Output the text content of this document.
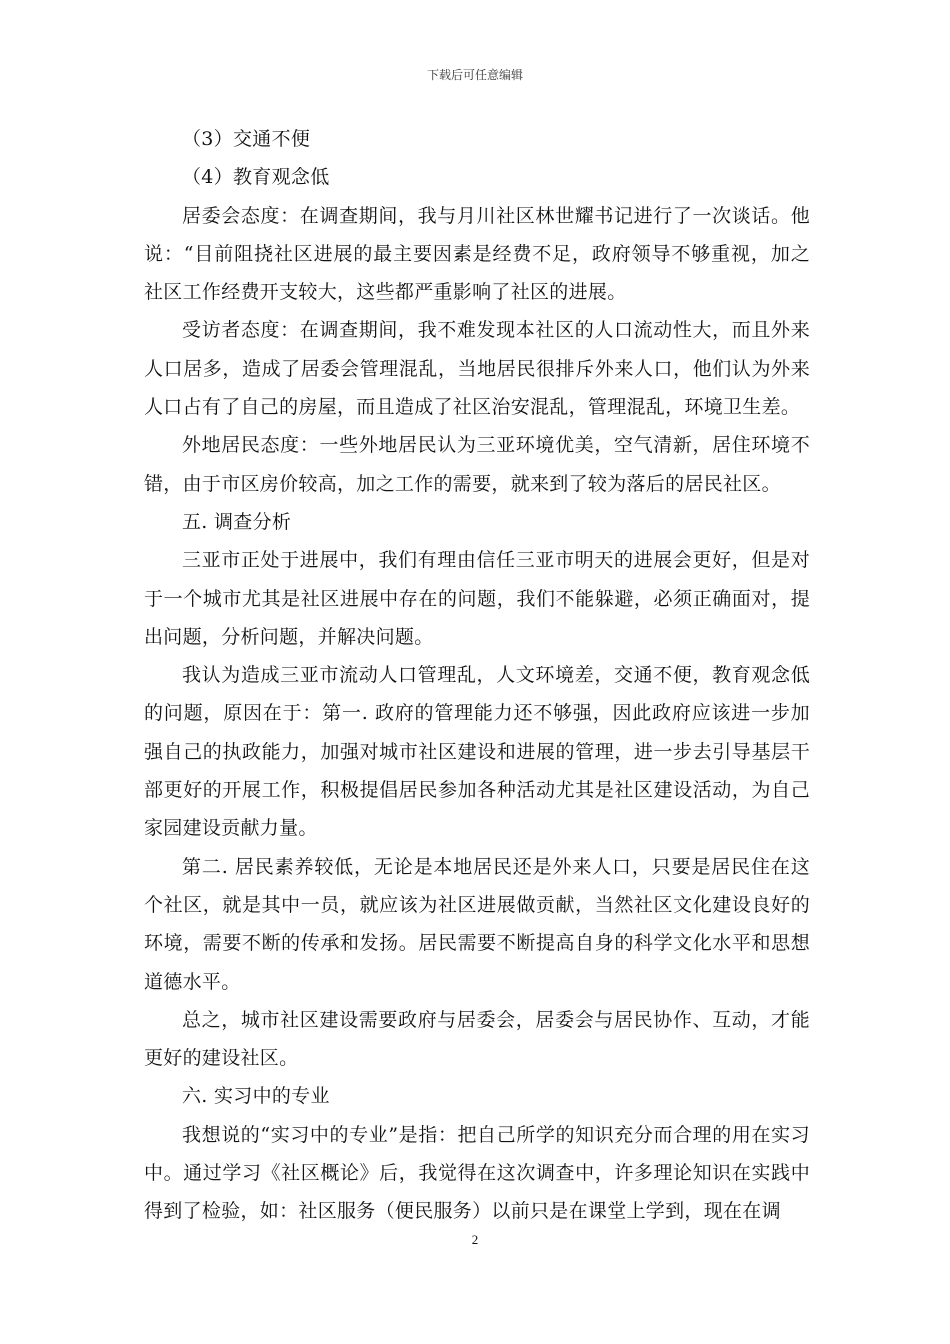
下载后可任意编辑

（3）交通不便

（4）教育观念低

居委会态度：在调查期间，我与月川社区林世耀书记进行了一次谈话。他说：“目前阻挠社区进展的最主要因素是经费不足，政府领导不够重视，加之社区工作经费开支较大，这些都严重影响了社区的进展。

受访者态度：在调查期间，我不难发现本社区的人口流动性大，而且外来人口居多，造成了居委会管理混乱，当地居民很排斥外来人口，他们认为外来人口占有了自己的房屋，而且造成了社区治安混乱，管理混乱，环境卫生差。

外地居民态度：一些外地居民认为三亚环境优美，空气清新，居住环境不错，由于市区房价较高，加之工作的需要，就来到了较为落后的居民社区。

五. 调查分析

三亚市正处于进展中，我们有理由信任三亚市明天的进展会更好，但是对于一个城市尤其是社区进展中存在的问题，我们不能躲避，必须正确面对，提出问题，分析问题，并解决问题。

我认为造成三亚市流动人口管理乱，人文环境差，交通不便，教育观念低的问题，原因在于：第一. 政府的管理能力还不够强，因此政府应该进一步加强自己的执政能力，加强对城市社区建设和进展的管理，进一步去引导基层干部更好的开展工作，积极提倡居民参加各种活动尤其是社区建设活动，为自己家园建设贡献力量。

第二. 居民素养较低，无论是本地居民还是外来人口，只要是居民住在这个社区，就是其中一员，就应该为社区进展做贡献，当然社区文化建设良好的环境，需要不断的传承和发扬。居民需要不断提高自身的科学文化水平和思想道德水平。

总之，城市社区建设需要政府与居委会，居委会与居民协作、互动，才能更好的建设社区。

六. 实习中的专业

我想说的“实习中的专业”是指：把自己所学的知识充分而合理的用在实习中。通过学习《社区概论》后，我觉得在这次调查中，许多理论知识在实践中得到了检验，如：社区服务（便民服务）以前只是在课堂上学到，现在在调

2
